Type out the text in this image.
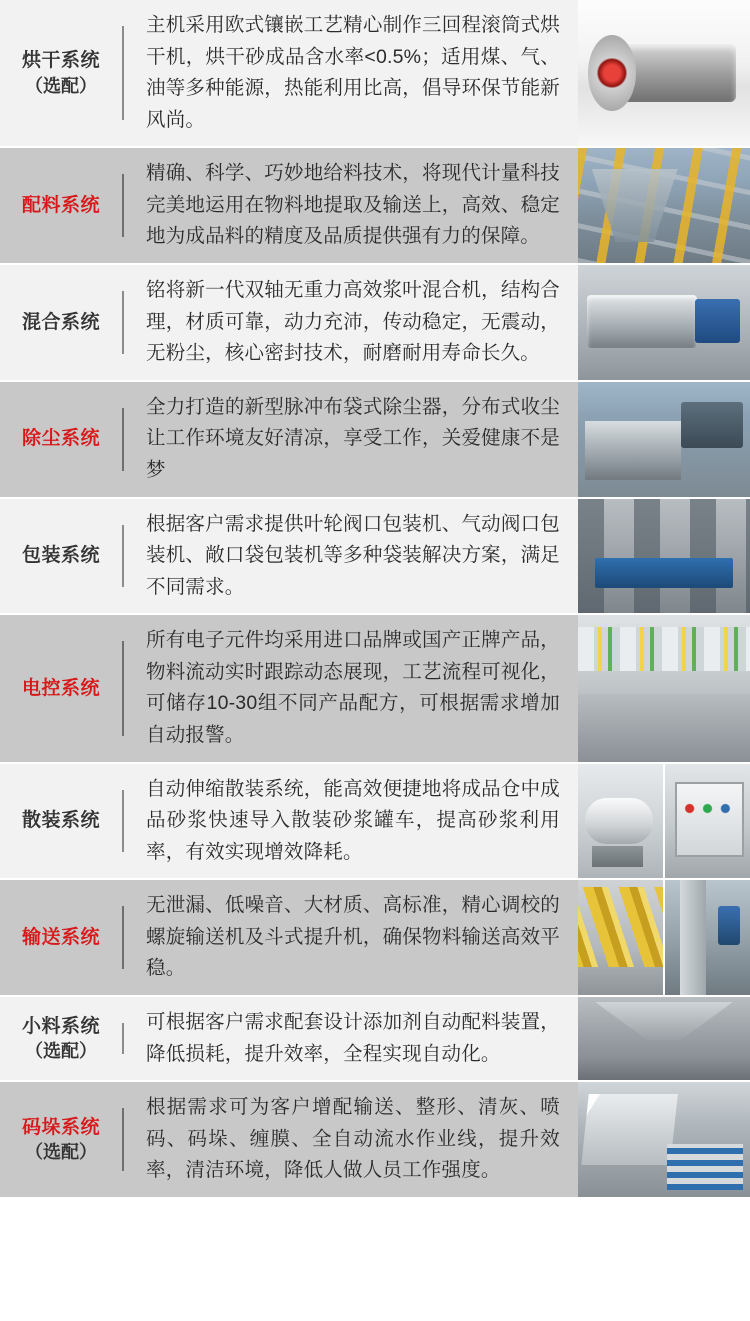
烘干系统
（选配）

主机采用欧式镶嵌工艺精心制作三回程滚筒式烘干机，烘干砂成品含水率<0.5%；适用煤、气、油等多种能源，热能利用比高，倡导环保节能新风尚。

配料系统

精确、科学、巧妙地给料技术，将现代计量科技完美地运用在物料地提取及输送上，高效、稳定地为成品料的精度及品质提供强有力的保障。

混合系统

铭将新一代双轴无重力高效浆叶混合机，结构合理，材质可靠，动力充沛，传动稳定，无震动，无粉尘，核心密封技术，耐磨耐用寿命长久。

除尘系统

全力打造的新型脉冲布袋式除尘器，分布式收尘让工作环境友好清凉，享受工作，关爱健康不是梦

包装系统

根据客户需求提供叶轮阀口包装机、气动阀口包装机、敞口袋包装机等多种袋装解决方案，满足不同需求。

电控系统

所有电子元件均采用进口品牌或国产正牌产品，物料流动实时跟踪动态展现，工艺流程可视化，可储存10-30组不同产品配方，可根据需求增加自动报警。

散装系统

自动伸缩散装系统，能高效便捷地将成品仓中成品砂浆快速导入散装砂浆罐车，提高砂浆利用率，有效实现增效降耗。

输送系统

无泄漏、低噪音、大材质、高标准，精心调校的螺旋输送机及斗式提升机，确保物料输送高效平稳。

小料系统
（选配）

可根据客户需求配套设计添加剂自动配料装置，降低损耗，提升效率，全程实现自动化。

码垛系统
（选配）

根据需求可为客户增配输送、整形、清灰、喷码、码垛、缠膜、全自动流水作业线，提升效率，清洁环境，降低人做人员工作强度。
